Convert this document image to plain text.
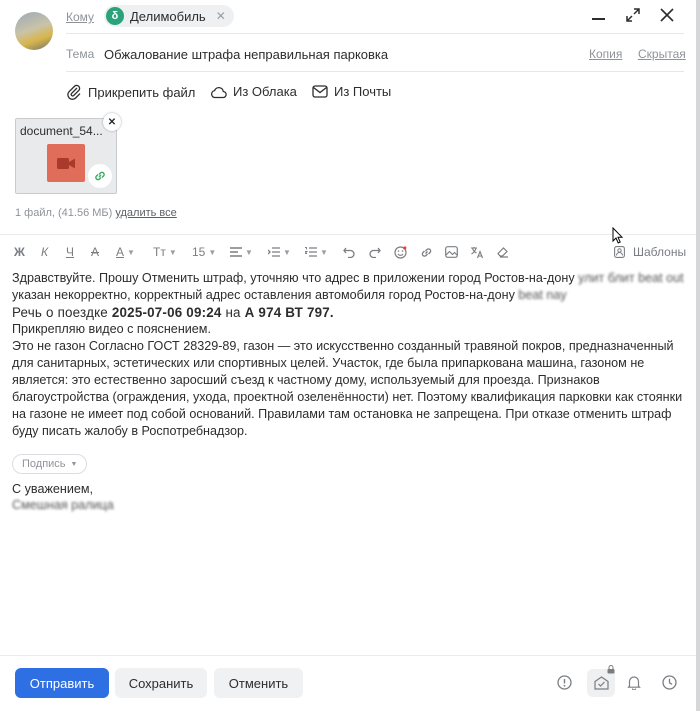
Кому	δ Делимобиль ✕
Тема Обжалование штрафа неправильная парковка	Копия Скрытая
Прикрепить файл	Из Облака	Из Почты
document_54...
✕
1 файл, (41.56 МБ) удалить все
Ж К Ч А А ▼ Тт ▼ 15 ▼	▼	▼	▼	Шаблоны

Здравствуйте. Прошу Отменить штраф, уточняю что адрес в приложении город Ростов-на-дону улит блит beat out

указан некорректно, корректный адрес оставления автомобиля город Ростов-на-дону beat nay

Речь о поездке 2025-07-06 09:24 на А 974 ВТ 797.

Прикрепляю видео с пояснением.

Это не газон Согласно ГОСТ 28329-89, газон — это искусственно созданный травяной покров, предназначенный для санитарных, эстетических или спортивных целей. Участок, где была припаркована машина, газоном не является: это естественно заросший съезд к частному дому, используемый для проезда. Признаков благоустройства (ограждения, ухода, проектной озеленённости) нет. Поэтому квалификация парковки как стоянки на газоне не имеет под собой оснований. Правилами там остановка не запрещена. При отказе отменить штраф буду писать жалобу в Роспотребнадзор.

Подпись ▼
С уважением,
Смешная ралица
Отправить	Сохранить	Отменить
